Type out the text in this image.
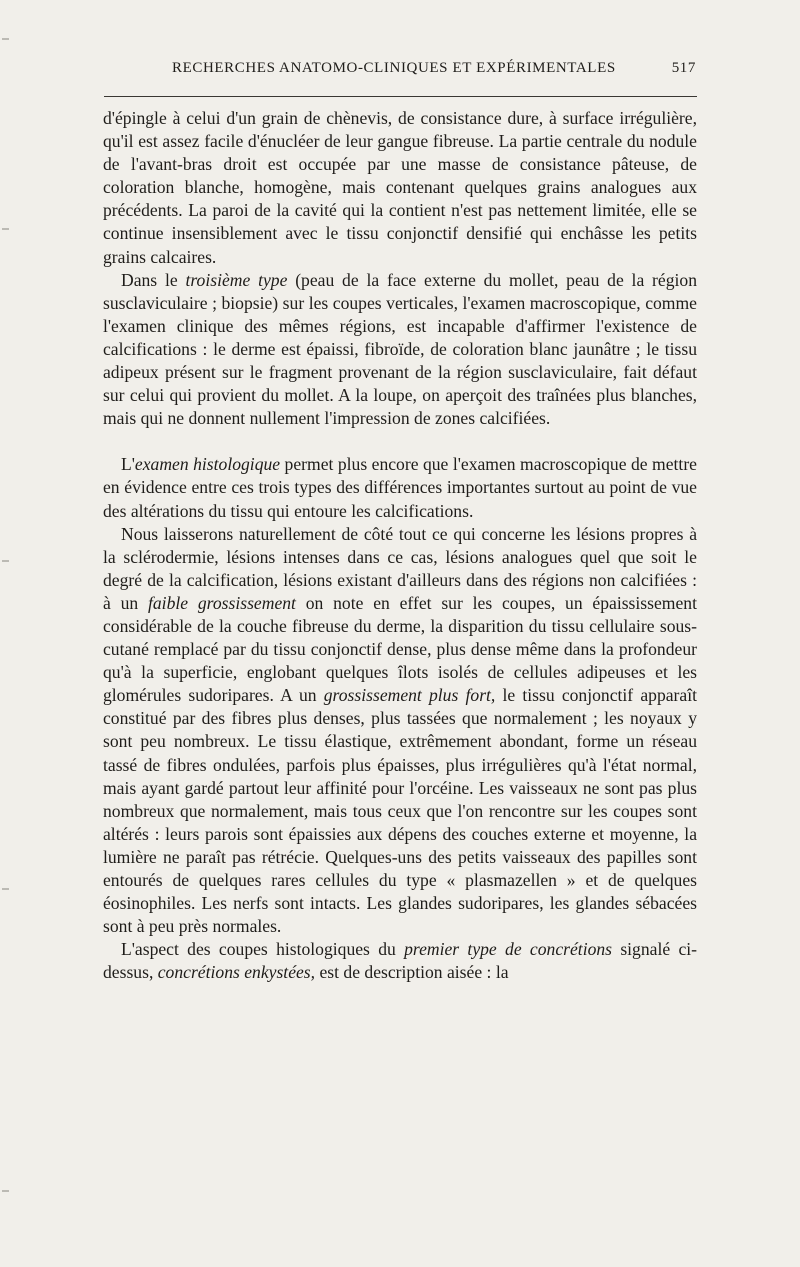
RECHERCHES ANATOMO-CLINIQUES ET EXPÉRIMENTALES	517

d'épingle à celui d'un grain de chènevis, de consistance dure, à surface irrégulière, qu'il est assez facile d'énucléer de leur gangue fibreuse. La partie centrale du nodule de l'avant-bras droit est occupée par une masse de consistance pâteuse, de coloration blanche, homogène, mais contenant quelques grains analogues aux précédents. La paroi de la cavité qui la contient n'est pas nettement limitée, elle se continue insensiblement avec le tissu conjonctif densifié qui enchâsse les petits grains calcaires.

Dans le troisième type (peau de la face externe du mollet, peau de la région susclaviculaire ; biopsie) sur les coupes verticales, l'examen macroscopique, comme l'examen clinique des mêmes régions, est incapable d'affirmer l'existence de calcifications : le derme est épaissi, fibroïde, de coloration blanc jaunâtre ; le tissu adipeux présent sur le fragment provenant de la région susclaviculaire, fait défaut sur celui qui provient du mollet. A la loupe, on aperçoit des traînées plus blanches, mais qui ne donnent nullement l'impression de zones calcifiées.

L'examen histologique permet plus encore que l'examen macroscopique de mettre en évidence entre ces trois types des différences importantes surtout au point de vue des altérations du tissu qui entoure les calcifications.

Nous laisserons naturellement de côté tout ce qui concerne les lésions propres à la sclérodermie, lésions intenses dans ce cas, lésions analogues quel que soit le degré de la calcification, lésions existant d'ailleurs dans des régions non calcifiées : à un faible grossissement on note en effet sur les coupes, un épaississement considérable de la couche fibreuse du derme, la disparition du tissu cellulaire sous-cutané remplacé par du tissu conjonctif dense, plus dense même dans la profondeur qu'à la superficie, englobant quelques îlots isolés de cellules adipeuses et les glomérules sudoripares. A un grossissement plus fort, le tissu conjonctif apparaît constitué par des fibres plus denses, plus tassées que normalement ; les noyaux y sont peu nombreux. Le tissu élastique, extrêmement abondant, forme un réseau tassé de fibres ondulées, parfois plus épaisses, plus irrégulières qu'à l'état normal, mais ayant gardé partout leur affinité pour l'orcéine. Les vaisseaux ne sont pas plus nombreux que normalement, mais tous ceux que l'on rencontre sur les coupes sont altérés : leurs parois sont épaissies aux dépens des couches externe et moyenne, la lumière ne paraît pas rétrécie. Quelques-uns des petits vaisseaux des papilles sont entourés de quelques rares cellules du type « plasmazellen » et de quelques éosinophiles. Les nerfs sont intacts. Les glandes sudoripares, les glandes sébacées sont à peu près normales.

L'aspect des coupes histologiques du premier type de concrétions signalé ci-dessus, concrétions enkystées, est de description aisée : la
